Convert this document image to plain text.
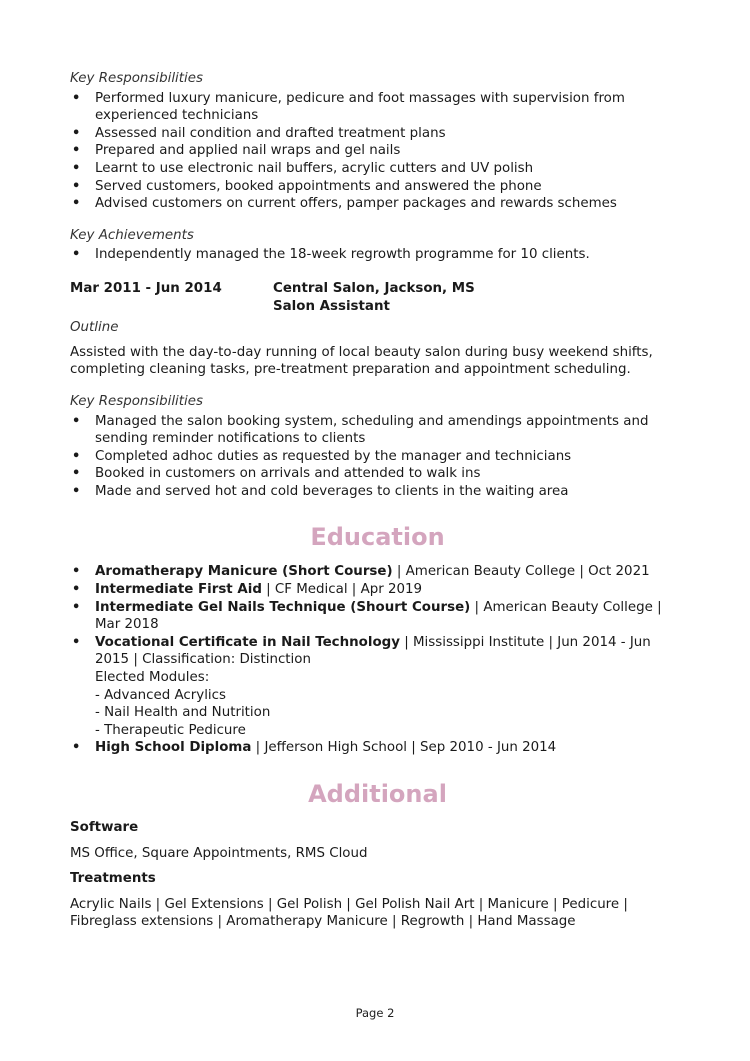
Key Responsibilities

• Performed luxury manicure, pedicure and foot massages with supervision from experienced technicians
• Assessed nail condition and drafted treatment plans
• Prepared and applied nail wraps and gel nails
• Learnt to use electronic nail buffers, acrylic cutters and UV polish
• Served customers, booked appointments and answered the phone
• Advised customers on current offers, pamper packages and rewards schemes

Key Achievements

• Independently managed the 18-week regrowth programme for 10 clients.
Mar 2011 - Jun 2014	Central Salon, Jackson, MS
Salon Assistant

Outline

Assisted with the day-to-day running of local beauty salon during busy weekend shifts, completing cleaning tasks, pre-treatment preparation and appointment scheduling.

Key Responsibilities

• Managed the salon booking system, scheduling and amendings appointments and sending reminder notifications to clients
• Completed adhoc duties as requested by the manager and technicians
• Booked in customers on arrivals and attended to walk ins
• Made and served hot and cold beverages to clients in the waiting area
Education
• Aromatherapy Manicure (Short Course) | American Beauty College | Oct 2021
• Intermediate First Aid | CF Medical | Apr 2019
• Intermediate Gel Nails Technique (Shourt Course) | American Beauty College | Mar 2018
• Vocational Certificate in Nail Technology | Mississippi Institute | Jun 2014 - Jun 2015 | Classification: Distinction
Elected Modules:
- Advanced Acrylics
- Nail Health and Nutrition
- Therapeutic Pedicure
• High School Diploma | Jefferson High School | Sep 2010 - Jun 2014
Additional

Software

MS Office, Square Appointments, RMS Cloud

Treatments

Acrylic Nails | Gel Extensions | Gel Polish | Gel Polish Nail Art | Manicure | Pedicure | Fibreglass extensions | Aromatherapy Manicure | Regrowth | Hand Massage

Page 2
